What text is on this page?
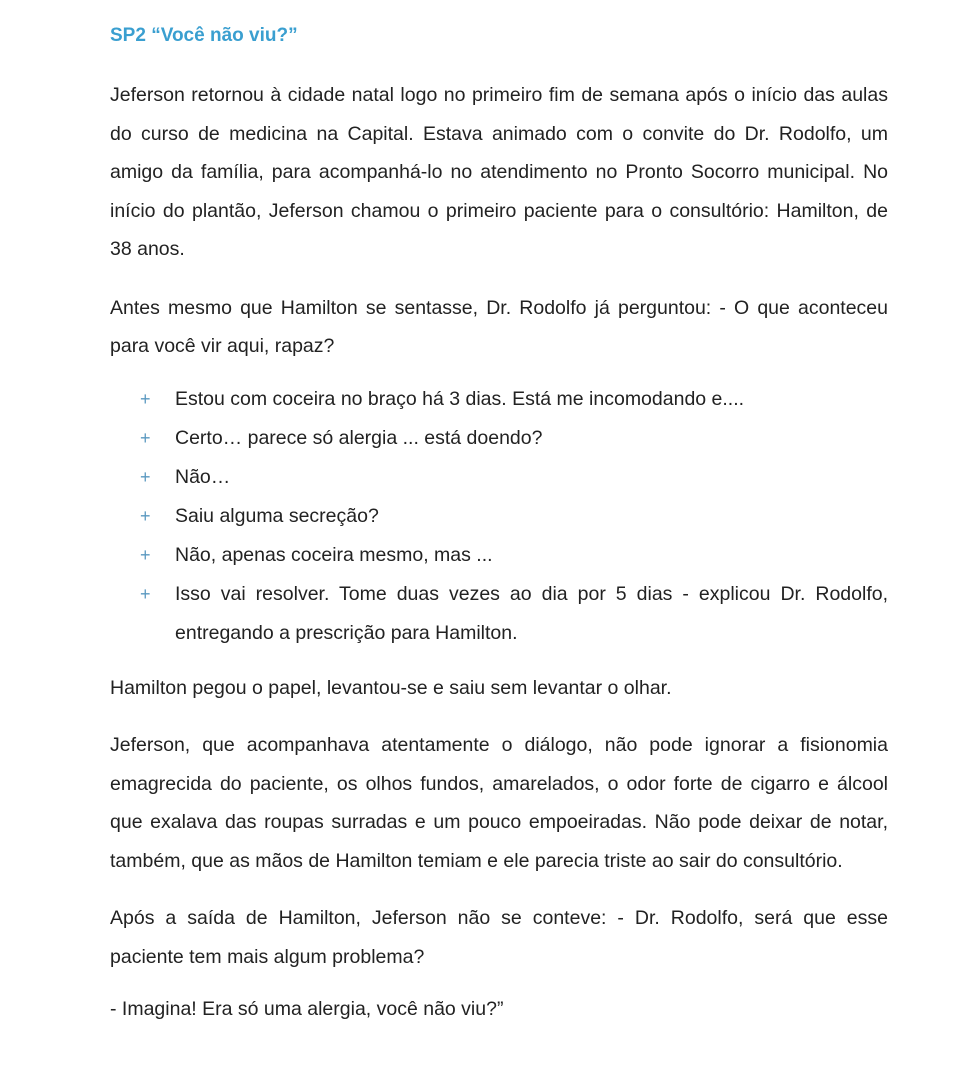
SP2 “Você não viu?”

Jeferson retornou à cidade natal logo no primeiro fim de semana após o início das aulas do curso de medicina na Capital. Estava animado com o convite do Dr. Rodolfo, um amigo da família, para acompanhá-lo no atendimento no Pronto Socorro municipal. No início do plantão, Jeferson chamou o primeiro paciente para o consultório: Hamilton, de 38 anos.

Antes mesmo que Hamilton se sentasse, Dr. Rodolfo já perguntou: - O que aconteceu para você vir aqui, rapaz?

+ Estou com coceira no braço há 3 dias. Está me incomodando e....
+ Certo… parece só alergia ... está doendo?
+ Não…
+ Saiu alguma secreção?
+ Não, apenas coceira mesmo, mas ...
+ Isso vai resolver. Tome duas vezes ao dia por 5 dias - explicou Dr. Rodolfo, entregando a prescrição para Hamilton.

Hamilton pegou o papel, levantou-se e saiu sem levantar o olhar.

Jeferson, que acompanhava atentamente o diálogo, não pode ignorar a fisionomia emagrecida do paciente, os olhos fundos, amarelados, o odor forte de cigarro e álcool que exalava das roupas surradas e um pouco empoeiradas. Não pode deixar de notar, também, que as mãos de Hamilton temiam e ele parecia triste ao sair do consultório.

Após a saída de Hamilton, Jeferson não se conteve: - Dr. Rodolfo, será que esse paciente tem mais algum problema?

- Imagina! Era só uma alergia, você não viu?”
